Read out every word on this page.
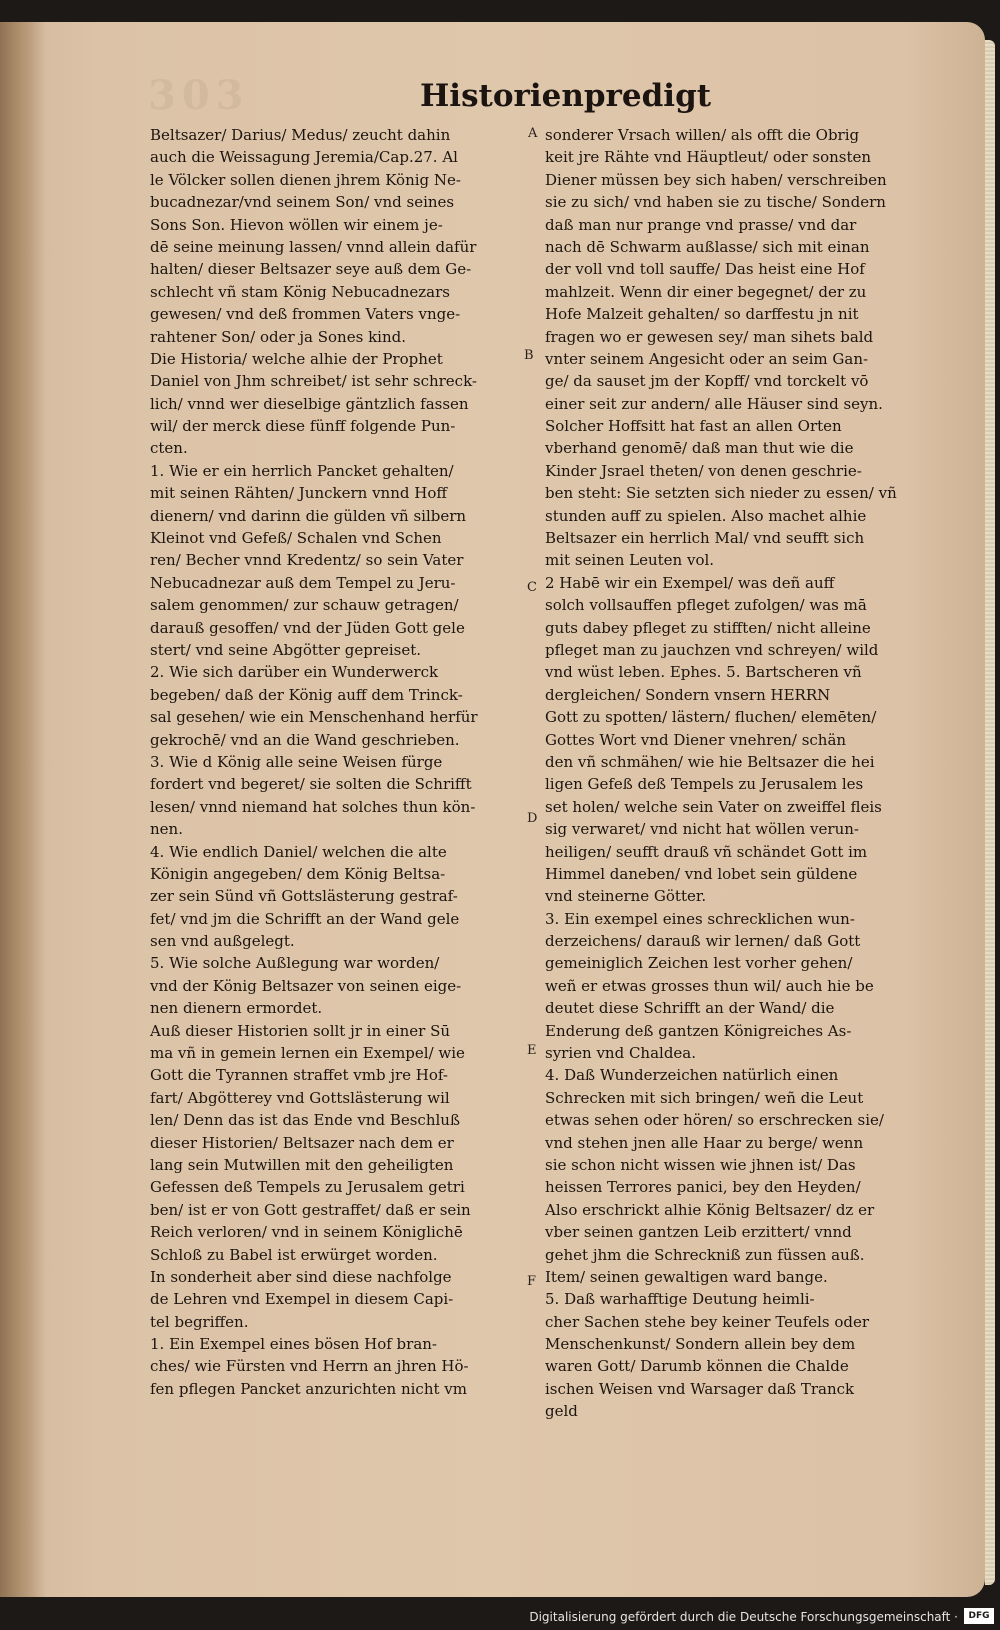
303	Historienpredigt
Beltsazer/ Darius/ Medus/ zeucht dahin
auch die Weissagung Jeremia/Cap.27. Al
le Völcker sollen dienen jhrem König Ne-
bucadnezar/vnd seinem Son/ vnd seines
Sons Son. Hievon wöllen wir einem je-
dē seine meinung lassen/ vnnd allein dafür
halten/ dieser Beltsazer seye auß dem Ge-
schlecht vñ stam König Nebucadnezars
gewesen/ vnd deß frommen Vaters vnge-
rahtener Son/ oder ja Sones kind.
Die Historia/ welche alhie der Prophet
Daniel von Jhm schreibet/ ist sehr schreck-
lich/ vnnd wer dieselbige gäntzlich fassen
wil/ der merck diese fünff folgende Pun-
cten.
1. Wie er ein herrlich Pancket gehalten/
mit seinen Rähten/ Junckern vnnd Hoff
dienern/ vnd darinn die gülden vñ silbern
Kleinot vnd Gefeß/ Schalen vnd Schen
ren/ Becher vnnd Kredentz/ so sein Vater
Nebucadnezar auß dem Tempel zu Jeru-
salem genommen/ zur schauw getragen/
darauß gesoffen/ vnd der Jüden Gott gele
stert/ vnd seine Abgötter gepreiset.
2. Wie sich darüber ein Wunderwerck
begeben/ daß der König auff dem Trinck-
sal gesehen/ wie ein Menschenhand herfür
gekrochē/ vnd an die Wand geschrieben.
3. Wie d König alle seine Weisen fürge
fordert vnd begeret/ sie solten die Schrifft
lesen/ vnnd niemand hat solches thun kön-
nen.
4. Wie endlich Daniel/ welchen die alte
Königin angegeben/ dem König Beltsa-
zer sein Sünd vñ Gottslästerung gestraf-
fet/ vnd jm die Schrifft an der Wand gele
sen vnd außgelegt.
5. Wie solche Außlegung war worden/
vnd der König Beltsazer von seinen eige-
nen dienern ermordet.
Auß dieser Historien sollt jr in einer Sū
ma vñ in gemein lernen ein Exempel/ wie
Gott die Tyrannen straffet vmb jre Hof-
fart/ Abgötterey vnd Gottslästerung wil
len/ Denn das ist das Ende vnd Beschluß
dieser Historien/ Beltsazer nach dem er
lang sein Mutwillen mit den geheiligten
Gefessen deß Tempels zu Jerusalem getri
ben/ ist er von Gott gestraffet/ daß er sein
Reich verloren/ vnd in seinem Königlichē
Schloß zu Babel ist erwürget worden.
In sonderheit aber sind diese nachfolge
de Lehren vnd Exempel in diesem Capi-
tel begriffen.
1. Ein Exempel eines bösen Hof bran-
ches/ wie Fürsten vnd Herrn an jhren Hö-
fen pflegen Pancket anzurichten nicht vm
sonderer Vrsach willen/ als offt die Obrig
keit jre Rähte vnd Häuptleut/ oder sonsten
Diener müssen bey sich haben/ verschreiben
sie zu sich/ vnd haben sie zu tische/ Sondern
daß man nur prange vnd prasse/ vnd dar
nach dē Schwarm außlasse/ sich mit einan
der voll vnd toll sauffe/ Das heist eine Hof
mahlzeit. Wenn dir einer begegnet/ der zu
Hofe Malzeit gehalten/ so darffestu jn nit
fragen wo er gewesen sey/ man sihets bald
vnter seinem Angesicht oder an seim Gan-
ge/ da sauset jm der Kopff/ vnd torckelt vō
einer seit zur andern/ alle Häuser sind seyn.
Solcher Hoffsitt hat fast an allen Orten
vberhand genomē/ daß man thut wie die
Kinder Jsrael theten/ von denen geschrie-
ben steht: Sie setzten sich nieder zu essen/ vñ
stunden auff zu spielen. Also machet alhie
Beltsazer ein herrlich Mal/ vnd seufft sich
mit seinen Leuten vol.
2 Habē wir ein Exempel/ was deñ auff
solch vollsauffen pfleget zufolgen/ was mā
guts dabey pfleget zu stifften/ nicht alleine
pfleget man zu jauchzen vnd schreyen/ wild
vnd wüst leben. Ephes. 5. Bartscheren vñ
dergleichen/ Sondern vnsern HERRN
Gott zu spotten/ lästern/ fluchen/ elemēten/
Gottes Wort vnd Diener vnehren/ schän
den vñ schmähen/ wie hie Beltsazer die hei
ligen Gefeß deß Tempels zu Jerusalem les
set holen/ welche sein Vater on zweiffel fleis
sig verwaret/ vnd nicht hat wöllen verun-
heiligen/ seufft drauß vñ schändet Gott im
Himmel daneben/ vnd lobet sein güldene
vnd steinerne Götter.
3. Ein exempel eines schrecklichen wun-
derzeichens/ darauß wir lernen/ daß Gott
gemeiniglich Zeichen lest vorher gehen/
weñ er etwas grosses thun wil/ auch hie be
deutet diese Schrifft an der Wand/ die
Enderung deß gantzen Königreiches As-
syrien vnd Chaldea.
4. Daß Wunderzeichen natürlich einen
Schrecken mit sich bringen/ weñ die Leut
etwas sehen oder hören/ so erschrecken sie/
vnd stehen jnen alle Haar zu berge/ wenn
sie schon nicht wissen wie jhnen ist/ Das
heissen Terrores panici, bey den Heyden/
Also erschrickt alhie König Beltsazer/ dz er
vber seinen gantzen Leib erzittert/ vnnd
gehet jhm die Schreckniß zun füssen auß.
Item/ seinen gewaltigen ward bange.
5. Daß warhafftige Deutung heimli-
cher Sachen stehe bey keiner Teufels oder
Menschenkunst/ Sondern allein bey dem
waren Gott/ Darumb können die Chalde
ischen Weisen vnd Warsager daß Tranck
geld
A
B
C
D
E
F
Digitalisierung gefördert durch die Deutsche Forschungsgemeinschaft ·	DFG
